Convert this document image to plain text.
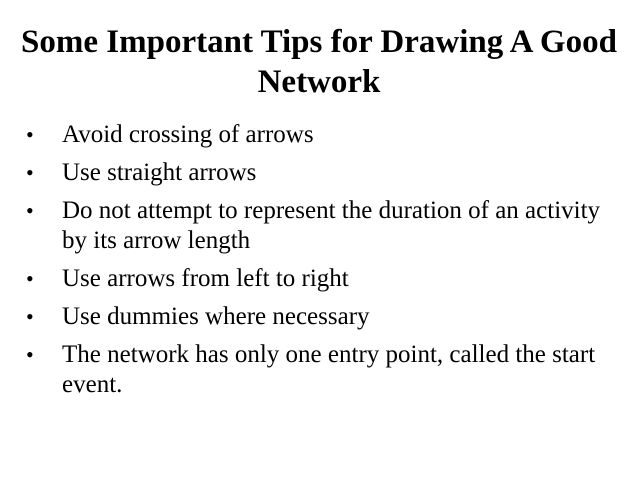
Some Important Tips for Drawing A Good Network
• Avoid crossing of arrows
• Use straight arrows
• Do not attempt to represent the duration of an activity by its arrow length
• Use arrows from left to right
• Use dummies where necessary
• The network has only one entry point, called the start event.
